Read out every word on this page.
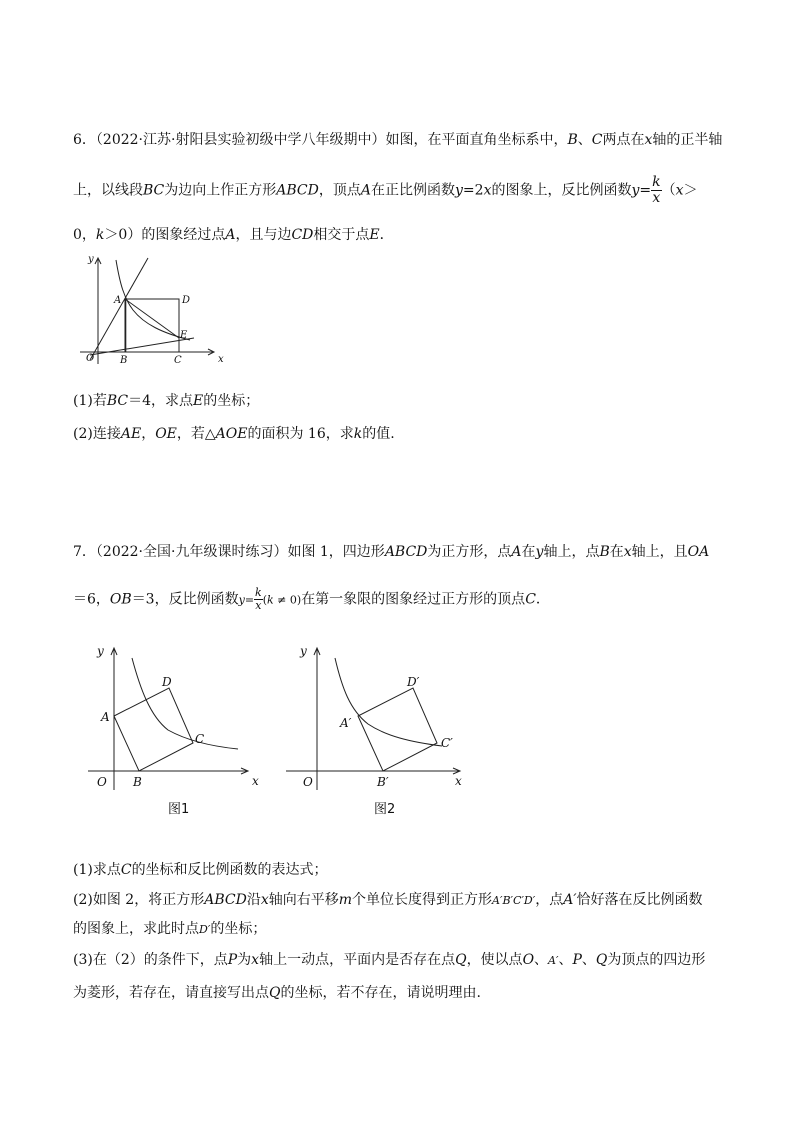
6．（2022·江苏·射阳县实验初级中学八年级期中）如图，在平面直角坐标系中，B、C两点在x轴的正半轴
上，以线段BC为边向上作正方形ABCD，顶点A在正比例函数y=2x的图象上，反比例函数$y= \frac{k}{x} (x>$
0，k＞0）的图象经过点A，且与边CD相交于点E．
y
x
O
A
B	C
D
E
(1)若BC＝4，求点E的坐标；
(2)连接AE，OE，若△AOE的面积为 16，求k的值.
7．（2022·全国·九年级课时练习）如图 1，四边形ABCD为正方形，点A在y轴上，点B在x轴上，且OA
＝6，OB＝3，反比例函数$y= \frac{k}{x} (k \ne 0)$在第一象限的图象经过正方形的顶点C．
y
x
O
A
B
C
D
图1
y
x
O
A′
B′
C′
D′
图2
(1)求点C的坐标和反比例函数的表达式；
(2)如图 2，将正方形ABCD沿x轴向右平移m个单位长度得到正方形A′B′C′D′，点A′恰好落在反比例函数
的图象上，求此时点D′的坐标；
(3)在（2）的条件下，点P为x轴上一动点，平面内是否存在点Q，使以点O、A′、P、Q为顶点的四边形
为菱形，若存在，请直接写出点Q的坐标，若不存在，请说明理由.
